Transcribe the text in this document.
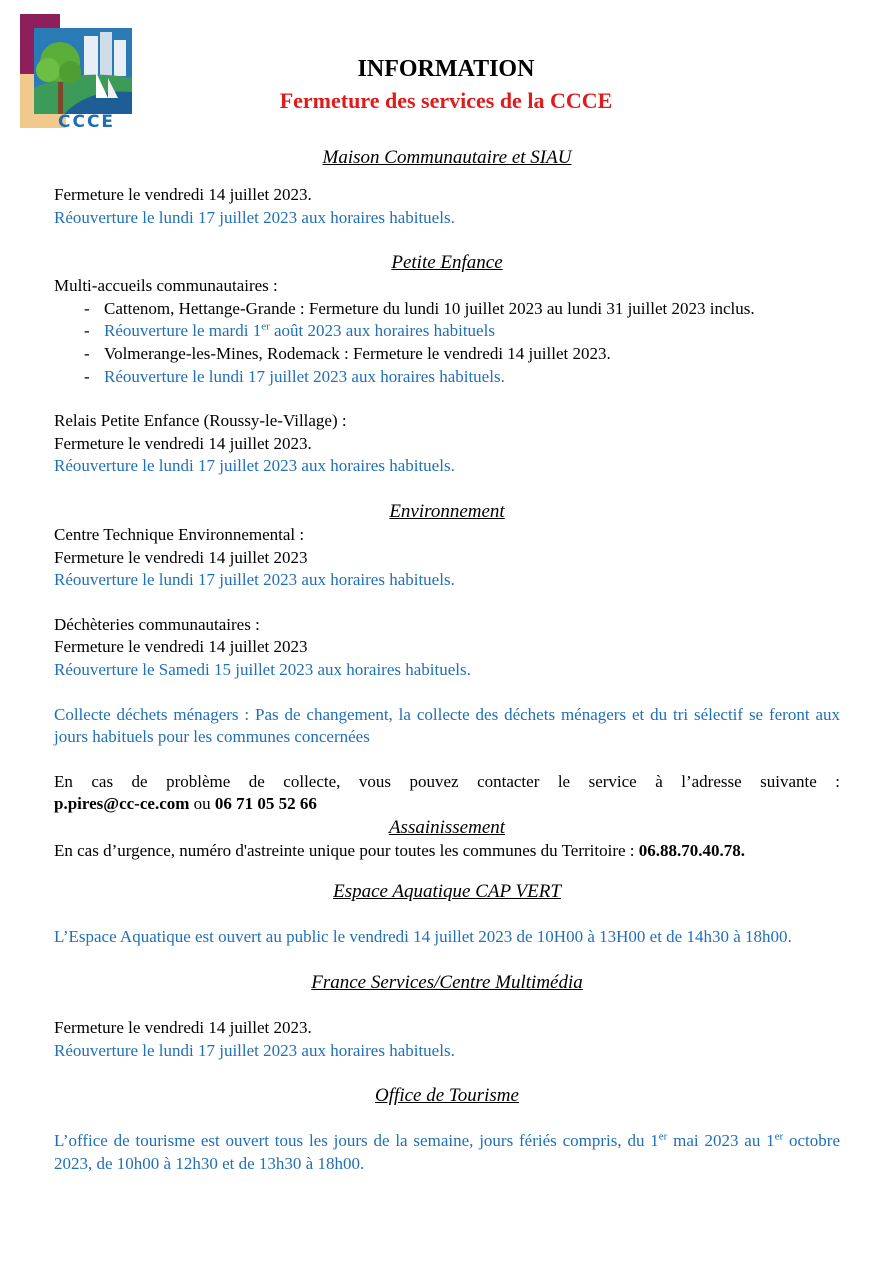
CCCE
INFORMATION
Fermeture des services de la CCCE

Maison Communautaire et SIAU

Fermeture le vendredi 14 juillet 2023.

Réouverture le lundi 17 juillet 2023 aux horaires habituels.

Petite Enfance

Multi-accueils communautaires :

- Cattenom, Hettange-Grande : Fermeture du lundi 10 juillet 2023 au lundi 31 juillet 2023 inclus.

- Réouverture le mardi 1er août 2023 aux horaires habituels

- Volmerange-les-Mines, Rodemack : Fermeture le vendredi 14 juillet 2023.

- Réouverture le lundi 17 juillet 2023 aux horaires habituels.

Relais Petite Enfance (Roussy-le-Village) :

Fermeture le vendredi 14 juillet 2023.

Réouverture le lundi 17 juillet 2023 aux horaires habituels.

Environnement

Centre Technique Environnemental :

Fermeture le vendredi 14 juillet 2023

Réouverture le lundi 17 juillet 2023 aux horaires habituels.

Déchèteries communautaires :

Fermeture le vendredi 14 juillet 2023

Réouverture le Samedi 15 juillet 2023 aux horaires habituels.

Collecte déchets ménagers : Pas de changement, la collecte des déchets ménagers et du tri sélectif se feront aux jours habituels pour les communes concernées

En cas de problème de collecte, vous pouvez contacter le service à l’adresse suivante :

p.pires@cc-ce.com ou 06 71 05 52 66

Assainissement

En cas d’urgence, numéro d'astreinte unique pour toutes les communes du Territoire : 06.88.70.40.78.

Espace Aquatique CAP VERT

L’Espace Aquatique est ouvert au public le vendredi 14 juillet 2023 de 10H00 à 13H00 et de 14h30 à 18h00.

France Services/Centre Multimédia

Fermeture le vendredi 14 juillet 2023.

Réouverture le lundi 17 juillet 2023 aux horaires habituels.

Office de Tourisme

L’office de tourisme est ouvert tous les jours de la semaine, jours fériés compris, du 1er mai 2023 au 1er octobre 2023, de 10h00 à 12h30 et de 13h30 à 18h00.
